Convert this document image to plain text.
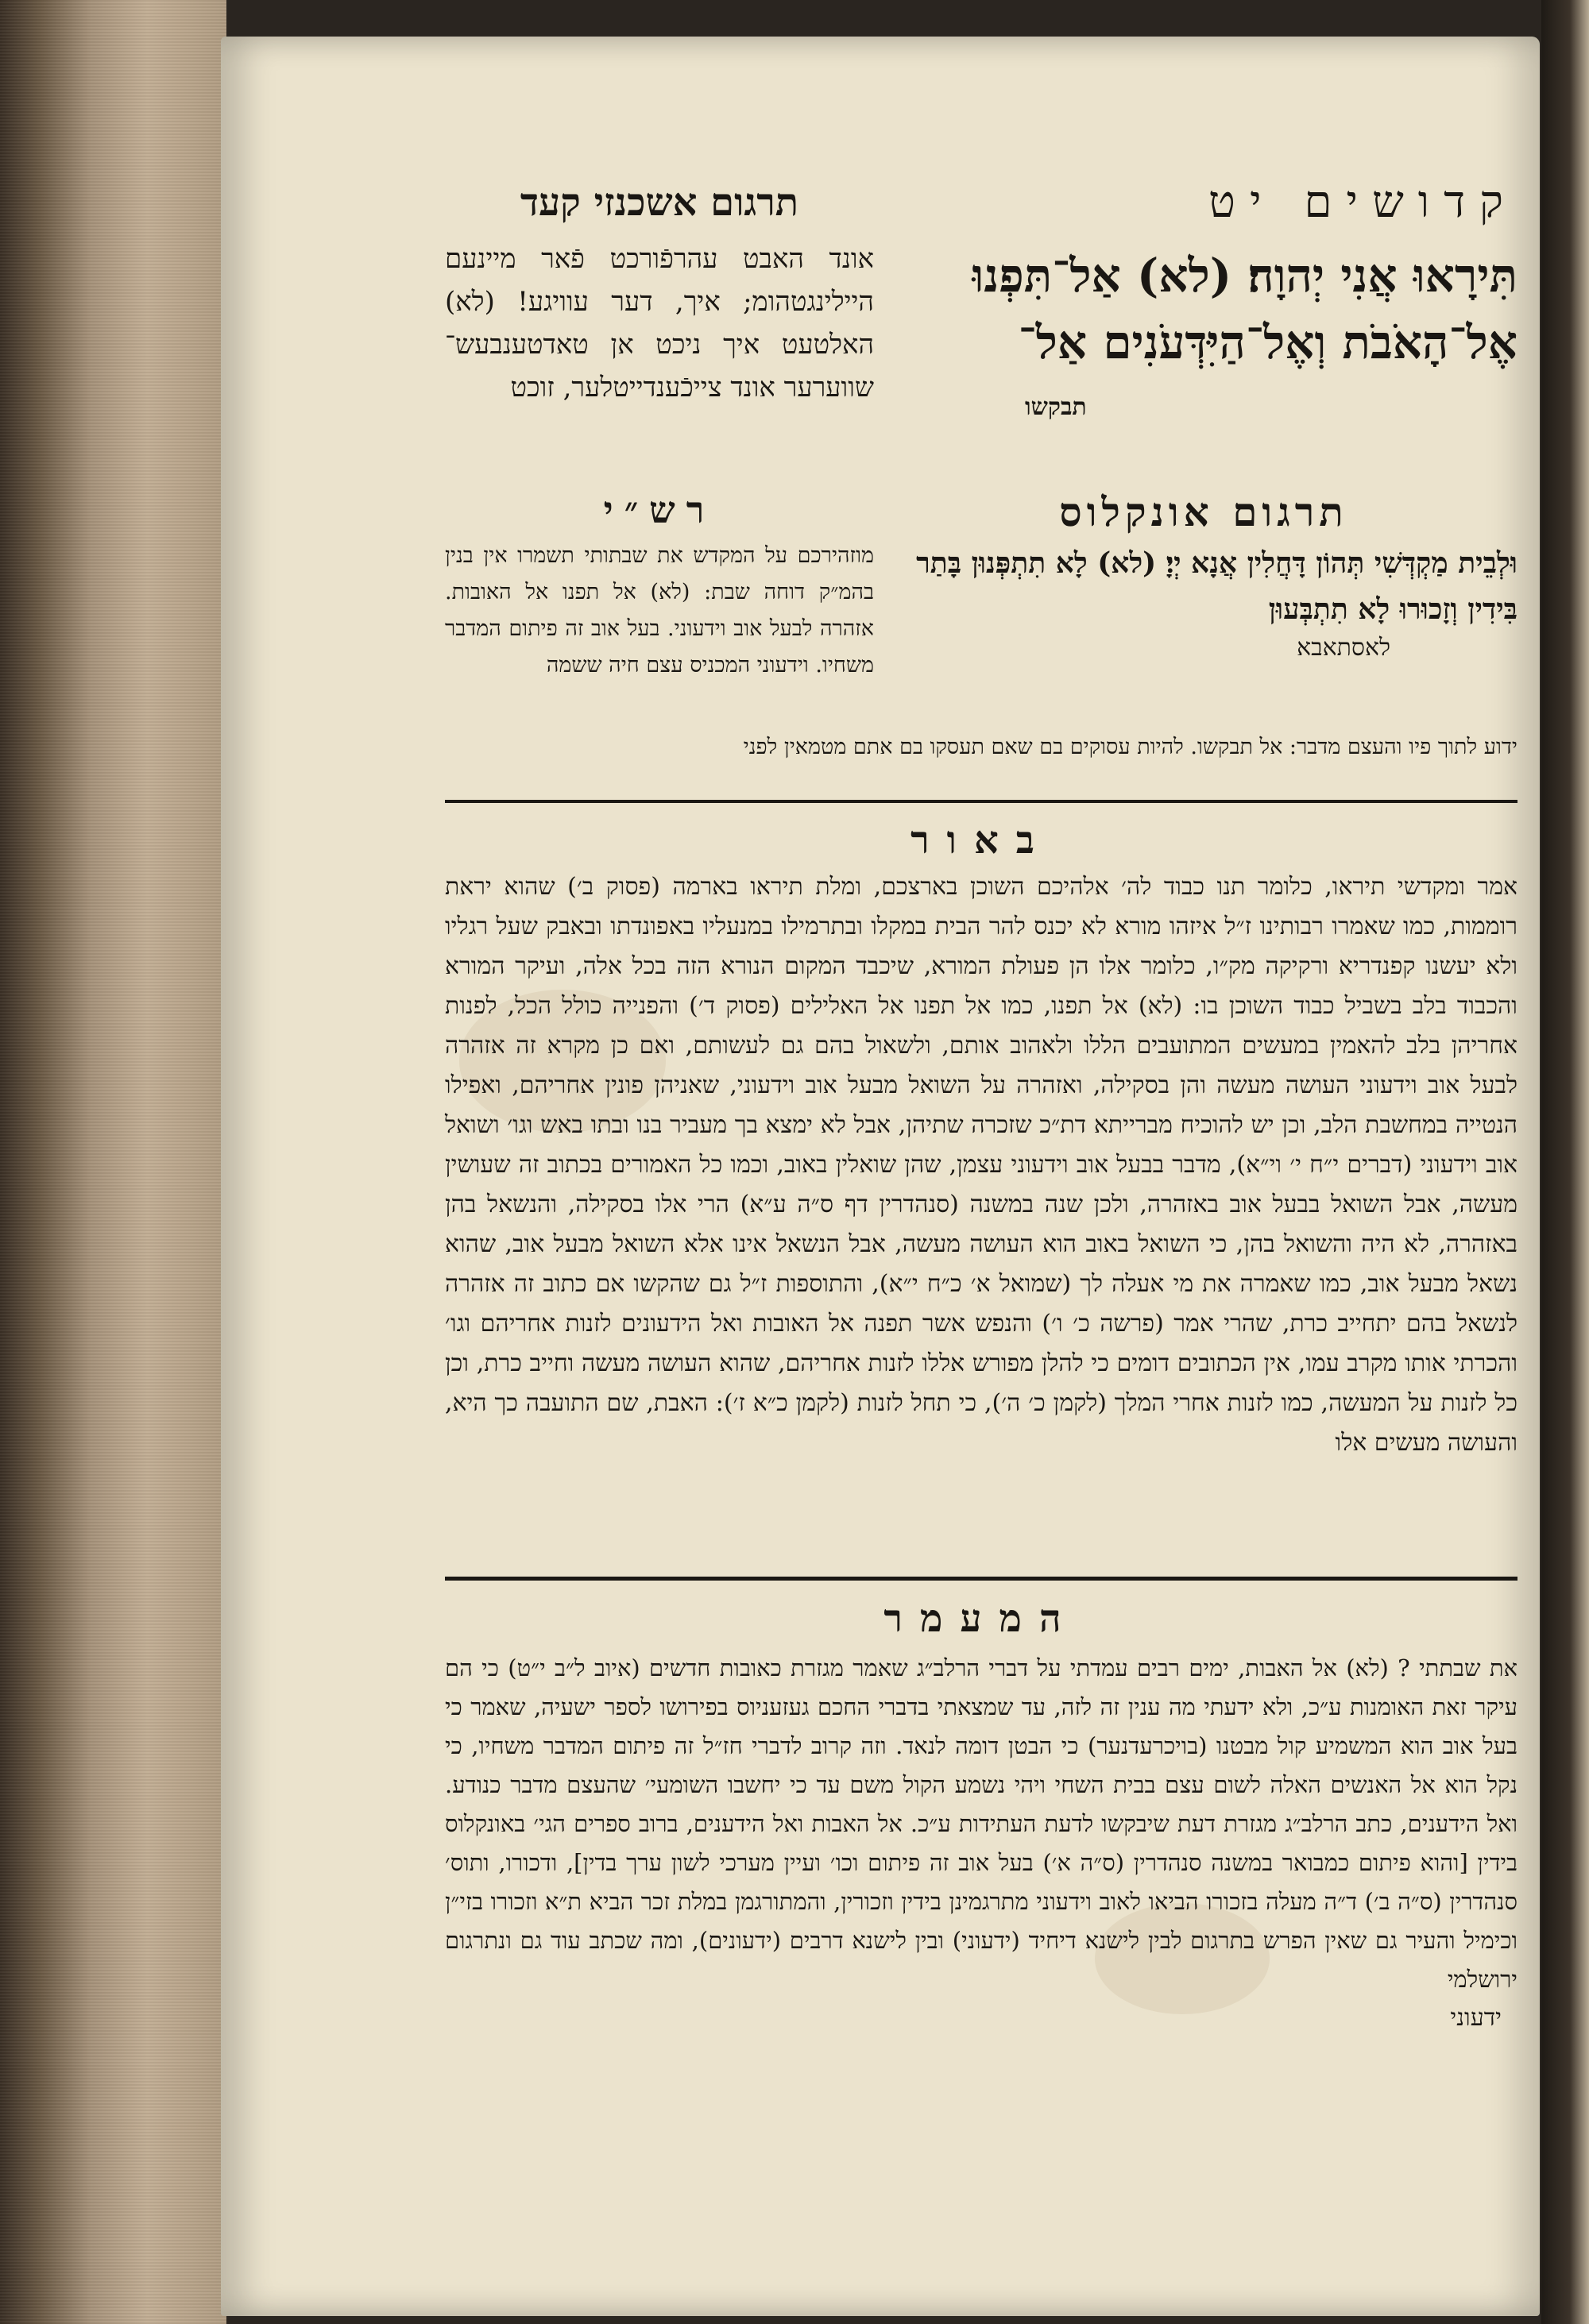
קדושים יט
תִּירָאוּ אֲנִי יְהוָה׃ (לא) אַל־תִּפְנוּ אֶל־הָאֹבֹת וְאֶל־הַיִּדְּעֹנִים אַל־
תבקשו
תרגום אשכנזי קעד
אונד האבט עהרפֿורכט פֿאר מיינעם היילינגטהומ; איך, דער עוויגע! (לא) האלטעט איך ניכט אן טאדטענבעש־ שווערער אונד צייכֿענדייטלער, זוכט
תרגום אונקלוס
וּלְבֵית מַקְדְּשִׁי תְּהוֹן דָּחֲלִין אֲנָא יְיָ׃ (לא) לָא תִתְפְּנוּן בָּתַר בִּידִין וְזָכוּרוּ לָא תִתְבְּעוּן
לאסתאבא
רש״י
מוזהירכם על המקדש את שבתותי תשמרו אין בנין בהמ״ק דוחה שבת: (לא) אל תפנו אל האובות. אזהרה לבעל אוב וידעוני. בעל אוב זה פיתום המדבר משחיו. וידעוני המכניס עצם חיה ששמה
ידוע לתוך פיו והעצם מדבר: אל תבקשו. להיות עסוקים בם שאם תעסקו בם אתם מטמאין לפני
באור
אמר ומקדשי תיראו, כלומר תנו כבוד לה׳ אלהיכם השוכן בארצכם, ומלת תיראו בארמה (פסוק ב׳) שהוא יראת רוממות, כמו שאמרו רבותינו ז״ל איזהו מורא לא יכנס להר הבית במקלו ובתרמילו במנעליו באפונדתו ובאבק שעל רגליו ולא יעשנו קפנדריא ורקיקה מק״ו, כלומר אלו הן פעולת המורא, שיכבד המקום הנורא הזה בכל אלה, ועיקר המורא והכבוד בלב בשביל כבוד השוכן בו: (לא) אל תפנו, כמו אל תפנו אל האלילים (פסוק ד׳) והפנייה כולל הכל, לפנות אחריהן בלב להאמין במעשים המתועבים הללו ולאהוב אותם, ולשאול בהם גם לעשותם, ואם כן מקרא זה אזהרה לבעל אוב וידעוני העושה מעשה והן בסקילה, ואזהרה על השואל מבעל אוב וידעוני, שאניהן פונין אחריהם, ואפילו הנטייה במחשבת הלב, וכן יש להוכיח מברייתא דת״כ שזכרה שתיהן, אבל לא ימצא בך מעביר בנו ובתו באש וגו׳ ושואל אוב וידעוני (דברים י״ח י׳ וי״א), מדבר בבעל אוב וידעוני עצמן, שהן שואלין באוב, וכמו כל האמורים בכתוב זה שעושין מעשה, אבל השואל בבעל אוב באזהרה, ולכן שנה במשנה (סנהדרין דף ס״ה ע״א) הרי אלו בסקילה, והנשאל בהן באזהרה, לא היה והשואל בהן, כי השואל באוב הוא העושה מעשה, אבל הנשאל אינו אלא השואל מבעל אוב, שהוא נשאל מבעל אוב, כמו שאמרה את מי אעלה לך (שמואל א׳ כ״ח י״א), והתוספות ז״ל גם שהקשו אם כתוב זה אזהרה לנשאל בהם יתחייב כרת, שהרי אמר (פרשה כ׳ ו׳) והנפש אשר תפנה אל האובות ואל הידעונים לזנות אחריהם וגו׳ והכרתי אותו מקרב עמו, אין הכתובים דומים כי להלן מפורש אללו לזנות אחריהם, שהוא העושה מעשה וחייב כרת, וכן כל לזנות על המעשה, כמו לזנות אחרי המלך (לקמן כ׳ ה׳), כי תחל לזנות (לקמן כ״א ז׳): האבת, שם התועבה כך היא, והעושה מעשים אלו
המעמר
את שבתתי ? (לא) אל האבות, ימים רבים עמדתי על דברי הרלב״ג שאמר מגזרת כאובות חדשים (איוב ל״ב י״ט) כי הם עיקר זאת האומנות ע״כ, ולא ידעתי מה ענין זה לזה, עד שמצאתי בדברי החכם געזעניוס בפירושו לספר ישעיה, שאמר כי בעל אוב הוא המשמיע קול מבטנו (בויכרעדנער) כי הבטן דומה לנאד. וזה קרוב לדברי חז״ל זה פיתום המדבר משחיו, כי נקל הוא אל האנשים האלה לשום עצם בבית השחי ויהי נשמע הקול משם עד כי יחשבו השומעי׳ שהעצם מדבר כנודע. ואל הידענים, כתב הרלב״ג מגזרת דעת שיבקשו לדעת העתידות ע״כ. אל האבות ואל הידענים, ברוב ספרים הגי׳ באונקלוס בידין [והוא פיתום כמבואר במשנה סנהדרין (ס״ה א׳) בעל אוב זה פיתום וכו׳ ועיין מערכי לשון ערך בדין], ודכורו, ותוס׳ סנהדרין (ס״ה ב׳) ד״ה מעלה בזכורו הביאו לאוב וידעוני מתרגמינן בידין וזכורין, והמתורגמן במלת זכר הביא ת״א וזכורו בזי״ן וכימיל והעיר גם שאין הפרש בתרגום לבין לישנא דיחיד (ידעוני) ובין לישנא דרבים (ידעונים), ומה שכתב עוד גם ונתרגום ירושלמי
ידעוני
